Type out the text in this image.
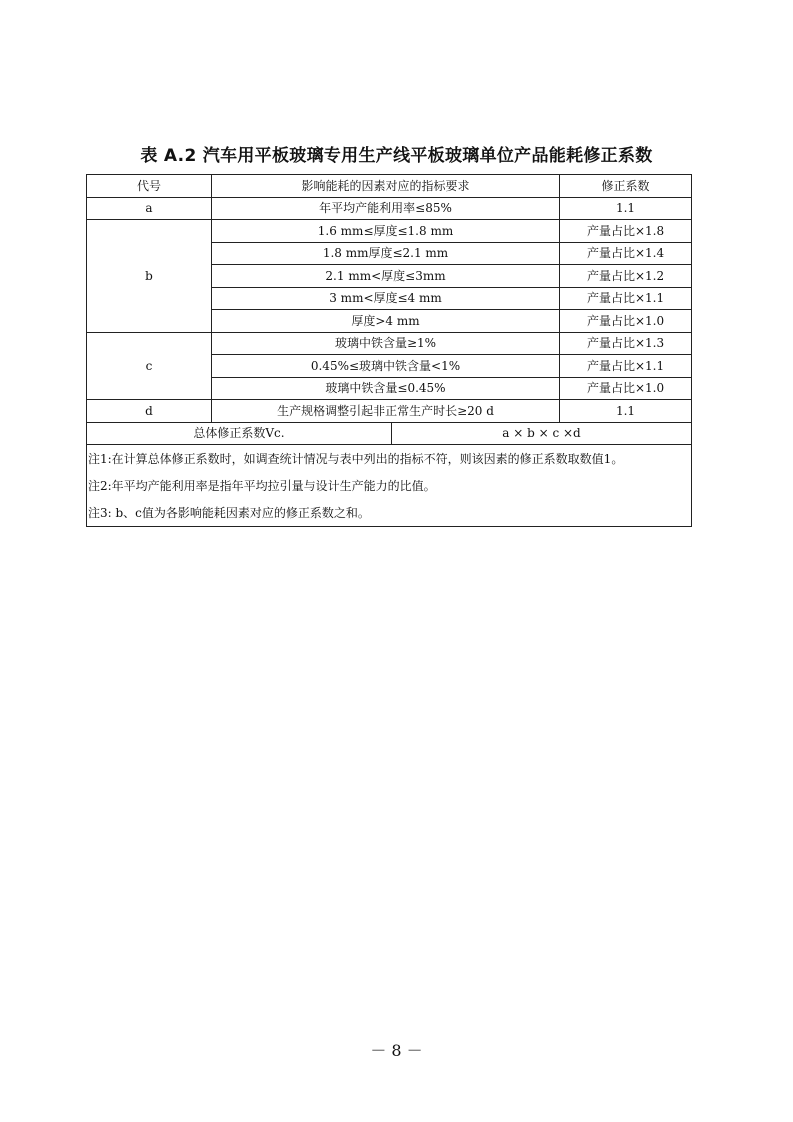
表 A.2 汽车用平板玻璃专用生产线平板玻璃单位产品能耗修正系数
代号	影响能耗的因素对应的指标要求		修正系数
a	年平均产能利用率≤85%		1.1
b	1.6 mm≤厚度≤1.8 mm		产量占比×1.8
	1.8 mm厚度≤2.1 mm		产量占比×1.4
	2.1 mm<厚度≤3mm		产量占比×1.2
	3 mm<厚度≤4 mm		产量占比×1.1
	厚度>4 mm		产量占比×1.0
c	玻璃中铁含量≥1%		产量占比×1.3
	0.45%≤玻璃中铁含量<1%		产量占比×1.1
	玻璃中铁含量≤0.45%		产量占比×1.0
d	生产规格调整引起非正常生产时长≥20 d		1.1
总体修正系数Vc.		a × b × c ×d	
注1:在计算总体修正系数时，如调查统计情况与表中列出的指标不符，则该因素的修正系数取数值1。			
注2:年平均产能利用率是指年平均拉引量与设计生产能力的比值。			
注3: b、c值为各影响能耗因素对应的修正系数之和。			
－ 8 －
